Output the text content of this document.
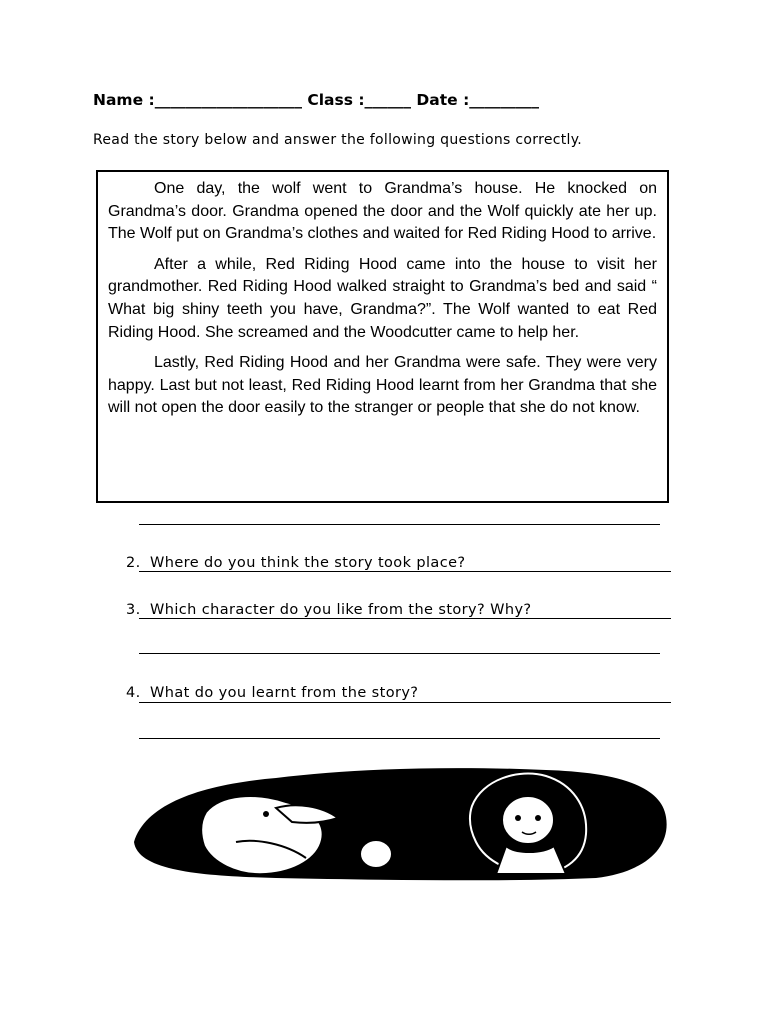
Name :___________________ Class :______ Date :_________
Read the story below and answer the following questions correctly.

One day, the wolf went to Grandma’s house. He knocked on Grandma’s door. Grandma opened the door and the Wolf quickly ate her up. The Wolf put on Grandma’s clothes and waited for Red Riding Hood to arrive.

After a while, Red Riding Hood came into the house to visit her grandmother. Red Riding Hood walked straight to Grandma’s bed and said “ What big shiny teeth you have, Grandma?”. The Wolf wanted to eat Red Riding Hood. She screamed and the Woodcutter came to help her.

Lastly, Red Riding Hood and her Grandma were safe. They were very happy. Last but not least, Red Riding Hood learnt from her Grandma that she will not open the door easily to the stranger or people that she do not know.

2. Where do you think the story took place?

3. Which character do you like from the story? Why?

4. What do you learnt from the story?

OKS
